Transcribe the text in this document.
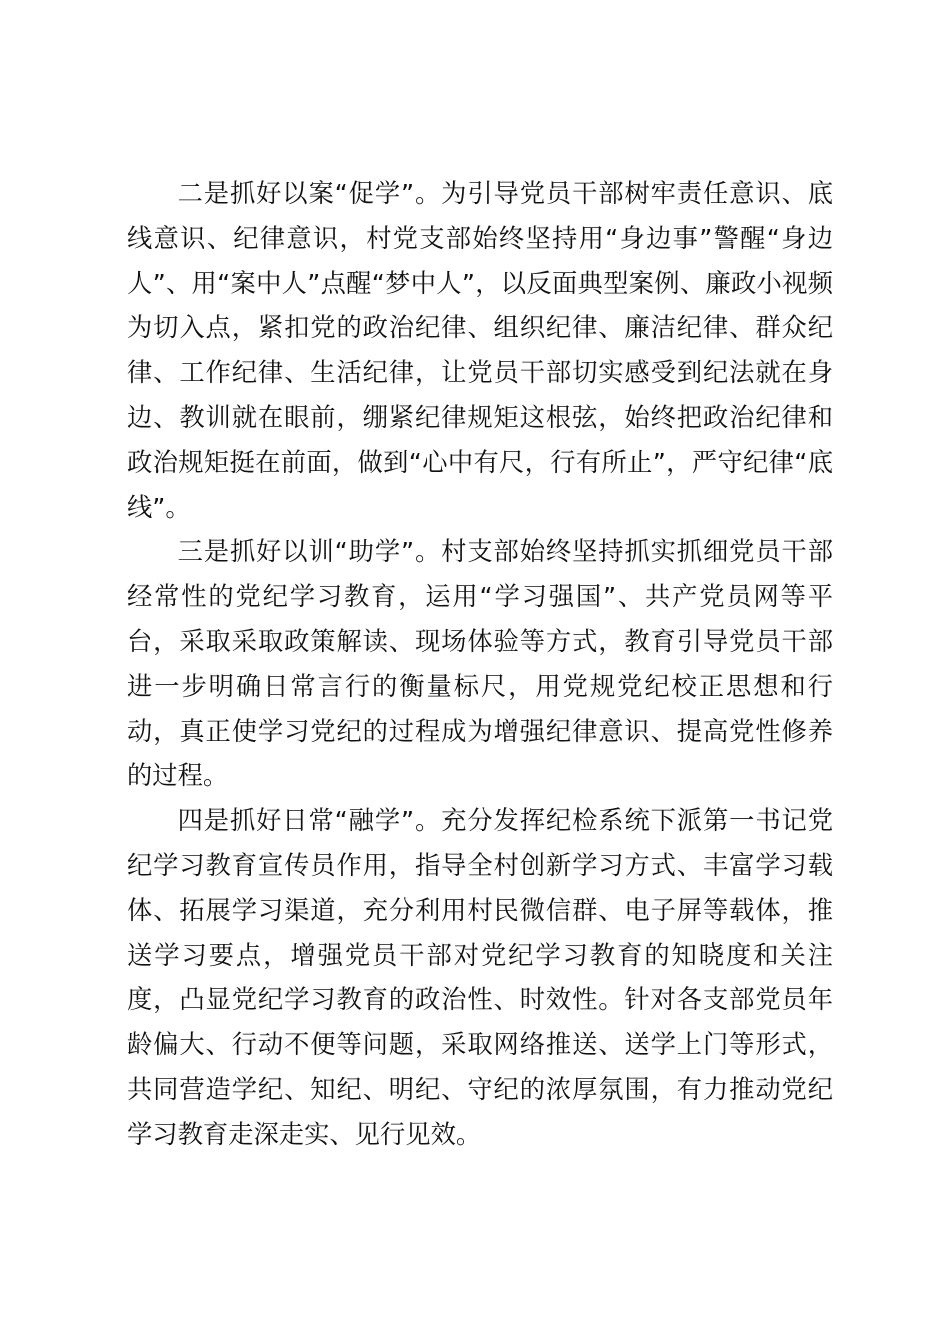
二是抓好以案“促学”。为引导党员干部树牢责任意识、底线意识、纪律意识，村党支部始终坚持用“身边事”警醒“身边人”、用“案中人”点醒“梦中人”，以反面典型案例、廉政小视频为切入点，紧扣党的政治纪律、组织纪律、廉洁纪律、群众纪律、工作纪律、生活纪律，让党员干部切实感受到纪法就在身边、教训就在眼前，绷紧纪律规矩这根弦，始终把政治纪律和政治规矩挺在前面，做到“心中有尺，行有所止”，严守纪律“底线”。

三是抓好以训“助学”。村支部始终坚持抓实抓细党员干部经常性的党纪学习教育，运用“学习强国”、共产党员网等平台，采取采取政策解读、现场体验等方式，教育引导党员干部进一步明确日常言行的衡量标尺，用党规党纪校正思想和行动，真正使学习党纪的过程成为增强纪律意识、提高党性修养的过程。

四是抓好日常“融学”。充分发挥纪检系统下派第一书记党纪学习教育宣传员作用，指导全村创新学习方式、丰富学习载体、拓展学习渠道，充分利用村民微信群、电子屏等载体，推送学习要点，增强党员干部对党纪学习教育的知晓度和关注度，凸显党纪学习教育的政治性、时效性。针对各支部党员年龄偏大、行动不便等问题，采取网络推送、送学上门等形式，共同营造学纪、知纪、明纪、守纪的浓厚氛围，有力推动党纪学习教育走深走实、见行见效。
